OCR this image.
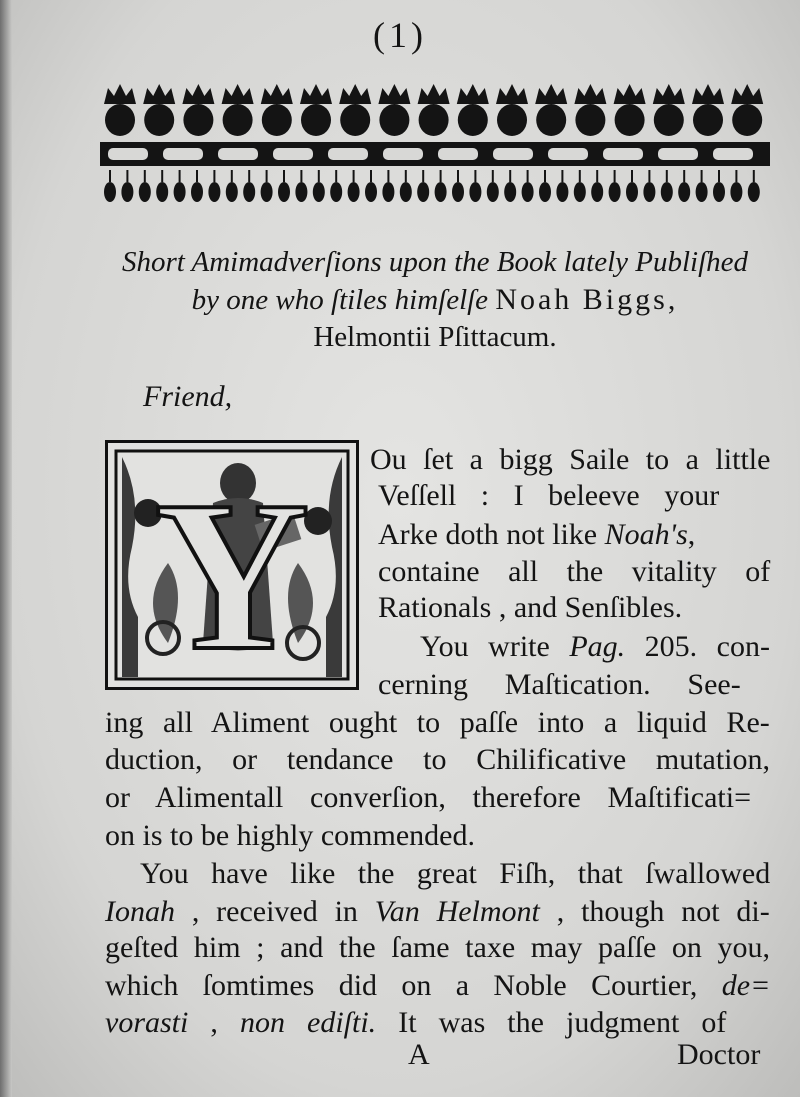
(1)
Short Amimadverſions upon the Book lately Publiſhed
by one who ſtiles himſelſe Noah Biggs,
Helmontii Pſittacum.
Friend,
Y Ou ſet a bigg Saile to a little
Veſſell : I beleeve your
Arke doth not like Noah's,
containe all the vitality of
Rationals , and Senſibles.
You write Pag. 205. con-
cerning Maſtication. See-
ing all Aliment ought to paſſe into a liquid Re-
duction, or tendance to Chilificative mutation,
or Alimentall converſion, therefore Maſtificati=
on is to be highly commended.
You have like the great Fiſh, that ſwallowed
Ionah , received in Van Helmont , though not di-
geſted him ; and the ſame taxe may paſſe on you,
which ſomtimes did on a Noble Courtier, de=
vorasti , non ediſti. It was the judgment of
A	Doctor
